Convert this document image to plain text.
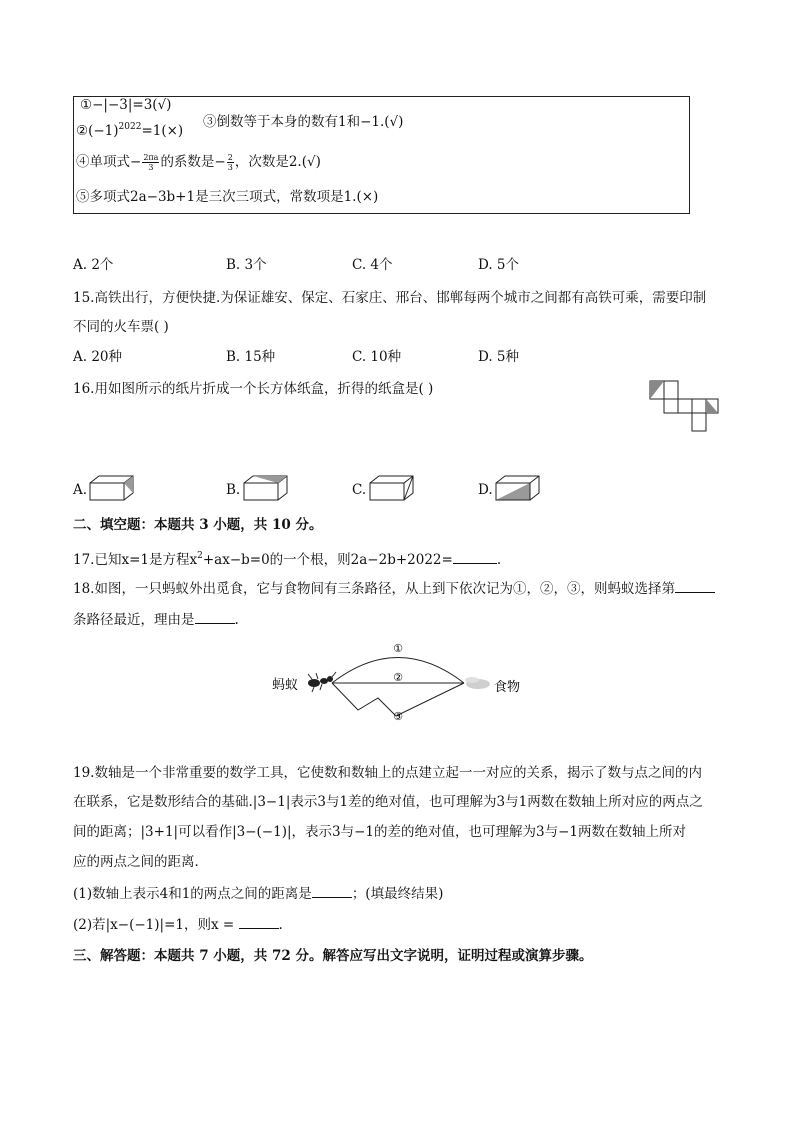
①−|−3|=3(√)
$②(-1)^{2022}=1(\times)$
③倒数等于本身的数有1和−1.(√)
④单项式− $\frac{2\pi a}{3}$ 的系数是− $\frac{2}{3}$ ，次数是2.(√)
⑤多项式2a−3b+1是三次三项式，常数项是1.(×)
A. 2个	B. 3个	C. 4个	D. 5个
15.高铁出行，方便快捷.为保证雄安、保定、石家庄、邢台、邯郸每两个城市之间都有高铁可乘，需要印制
不同的火车票( )
A. 20种	B. 15种	C. 10种	D. 5种
16.用如图所示的纸片折成一个长方体纸盒，折得的纸盒是( )
A.	B.	C.	D.
二、填空题：本题共 3 小题，共 10 分。
17.已知x=1是方程$x^2+ax-b=0$的一个根，则2a−2b+2022=	.
18.如图，一只蚂蚁外出觅食，它与食物间有三条路径，从上到下依次记为①，②，③，则蚂蚁选择第
条路径最近，理由是	.
①
②
③
蚂蚁	食物
19.数轴是一个非常重要的数学工具，它使数和数轴上的点建立起一一对应的关系，揭示了数与点之间的内
在联系，它是数形结合的基础.|3−1|表示3与1差的绝对值，也可理解为3与1两数在数轴上所对应的两点之
间的距离；|3+1|可以看作|3−(−1)|，表示3与−1的差的绝对值，也可理解为3与−1两数在数轴上所对
应的两点之间的距离．
(1)数轴上表示4和1的两点之间的距离是	；(填最终结果)
(2)若|x−(−1)|=1，则x =	.
三、解答题：本题共 7 小题，共 72 分。解答应写出文字说明，证明过程或演算步骤。
